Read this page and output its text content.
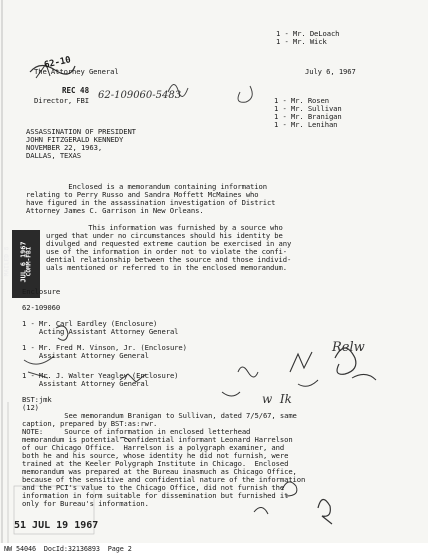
1 - Mr. DeLoach
1 - Mr. Wick
62-10
The Attorney General	July 6, 1967
REC 48
Director, FBI 62-109060-5483	1 - Mr. Rosen
1 - Mr. Sullivan
1 - Mr. Branigan
1 - Mr. Lenihan
ASSASSINATION OF PRESIDENT
JOHN FITZGERALD KENNEDY
NOVEMBER 22, 1963,
DALLAS, TEXAS
Enclosed is a memorandum containing information
relating to Perry Russo and Sandra Moffett McMaines who
have figured in the assassination investigation of District
Attorney James C. Garrison in New Orleans.
MAILED 8 JUL 6 1967
COMM-FBI
This information was furnished by a source who
urged that under no circumstances should his identity be
divulged and requested extreme caution be exercised in any
use of the information in order not to violate the confi-
dential relationship between the source and those individ-
uals mentioned or referred to in the enclosed memorandum.
Enclosure
62-109060
1 - Mr. Carl Eardley (Enclosure)
Acting Assistant Attorney General
1 - Mr. Fred M. Vinson, Jr. (Enclosure)
Assistant Attorney General
1 - Mr. J. Walter Yeagley (Enclosure)
Assistant Attorney General
BST:jmk
(12)
See memorandum Branigan to Sullivan, dated 7/5/67, same
caption, prepared by BST:as:rwr.
NOTE:     Source of information in enclosed letterhead
memorandum is potential confidential informant Leonard Harrelson
of our Chicago Office.  Harrelson is a polygraph examiner, and
both he and his source, whose identity he did not furnish, were
trained at the Keeler Polygraph Institute in Chicago.  Enclosed
memorandum was prepared at the Bureau inasmuch as Chicago Office,
because of the sensitive and confidential nature of the information
and the PCI's value to the Chicago Office, did not furnish the
information in form suitable for dissemination but furnished it
only for Bureau's information.
Relw
w  Ik
51 JUL 19 1967
NW 54046  DocId:32136893  Page 2
